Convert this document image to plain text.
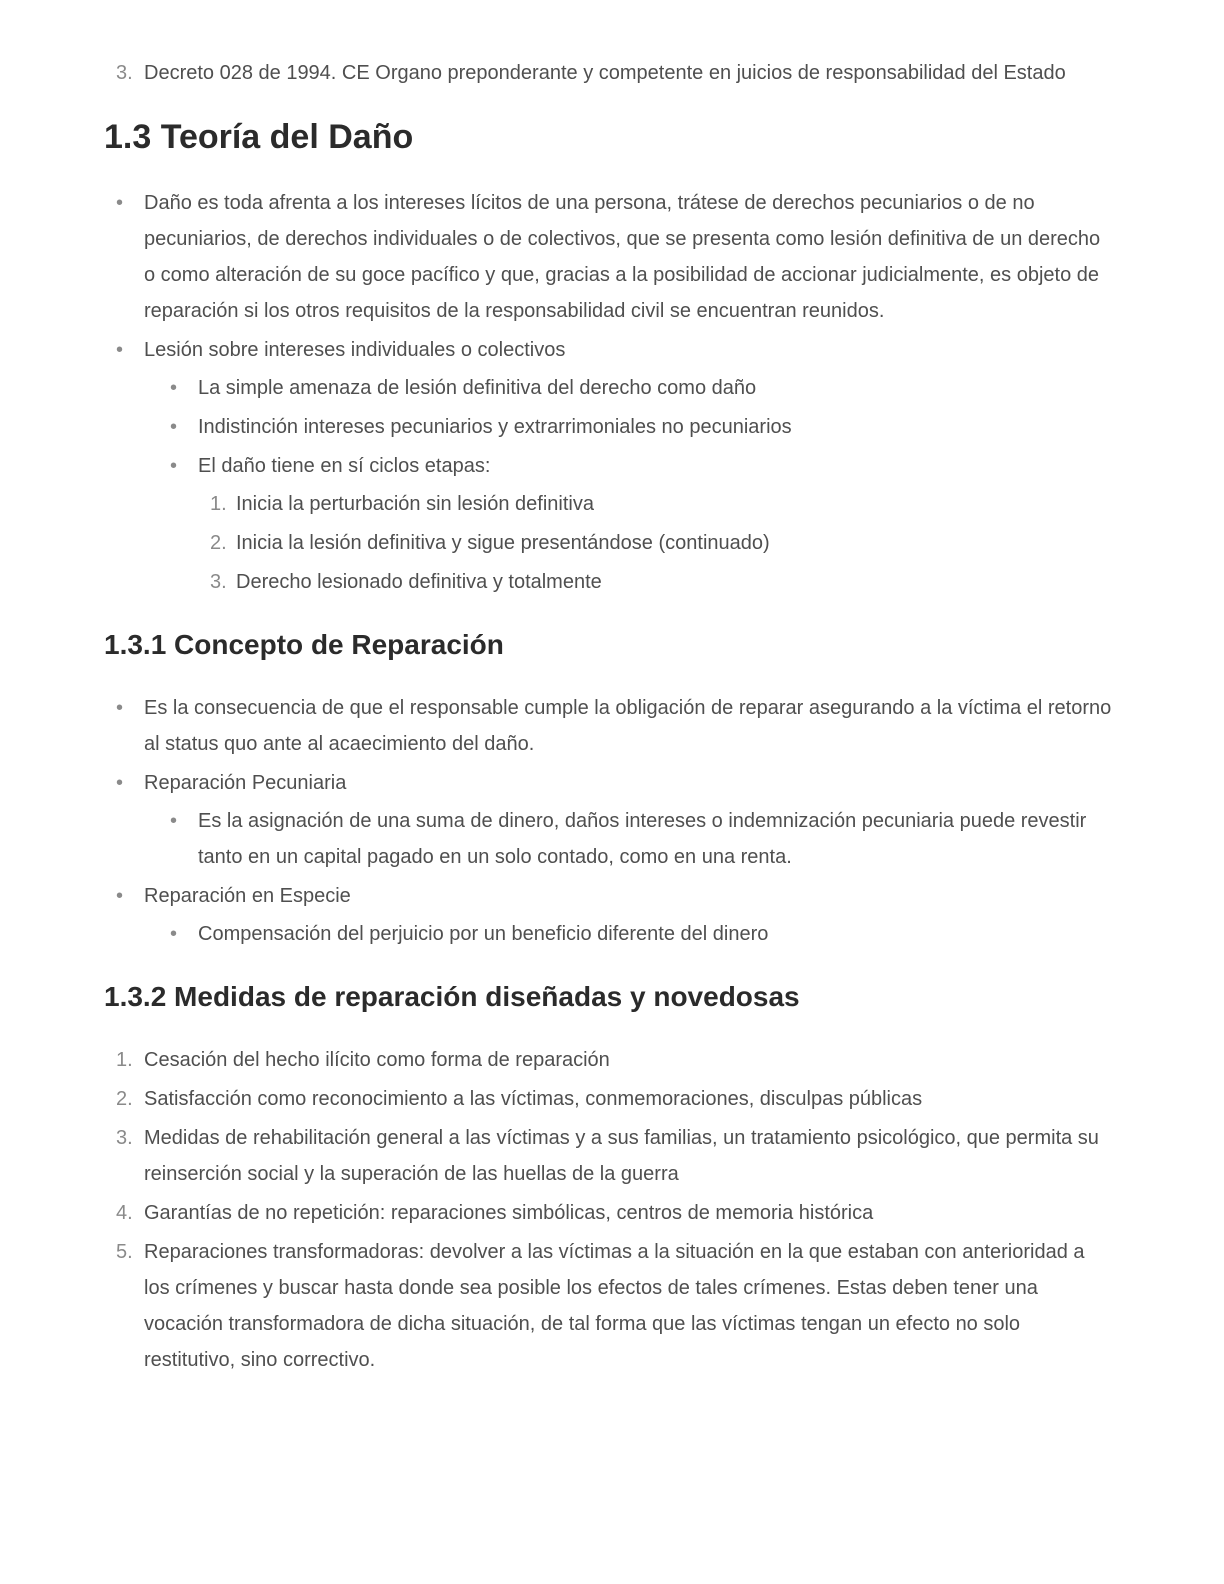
3. Decreto 028 de 1994. CE Organo preponderante y competente en juicios de responsabilidad del Estado
1.3 Teoría del Daño
•	Daño es toda afrenta a los intereses lícitos de una persona, trátese de derechos pecuniarios o de no pecuniarios, de derechos individuales o de colectivos, que se presenta como lesión definitiva de un derecho o como alteración de su goce pacífico y que, gracias a la posibilidad de accionar judicialmente, es objeto de reparación si los otros requisitos de la responsabilidad civil se encuentran reunidos.
•	Lesión sobre intereses individuales o colectivos
•	La simple amenaza de lesión definitiva del derecho como daño
•	Indistinción intereses pecuniarios y extrarrimoniales no pecuniarios
•	El daño tiene en sí ciclos etapas:
1. Inicia la perturbación sin lesión definitiva
2. Inicia la lesión definitiva y sigue presentándose (continuado)
3. Derecho lesionado definitiva y totalmente
1.3.1 Concepto de Reparación
•	Es la consecuencia de que el responsable cumple la obligación de reparar asegurando a la víctima el retorno al status quo ante al acaecimiento del daño.
•	Reparación Pecuniaria
•	Es la asignación de una suma de dinero, daños intereses o indemnización pecuniaria puede revestir tanto en un capital pagado en un solo contado, como en una renta.
•	Reparación en Especie
•	Compensación del perjuicio por un beneficio diferente del dinero
1.3.2 Medidas de reparación diseñadas y novedosas
1. Cesación del hecho ilícito como forma de reparación
2. Satisfacción como reconocimiento a las víctimas, conmemoraciones, disculpas públicas
3. Medidas de rehabilitación general a las víctimas y a sus familias, un tratamiento psicológico, que permita su reinserción social y la superación de las huellas de la guerra
4. Garantías de no repetición: reparaciones simbólicas, centros de memoria histórica
5. Reparaciones transformadoras: devolver a las víctimas a la situación en la que estaban con anterioridad a los crímenes y buscar hasta donde sea posible los efectos de tales crímenes. Estas deben tener una vocación transformadora de dicha situación, de tal forma que las víctimas tengan un efecto no solo restitutivo, sino correctivo.
